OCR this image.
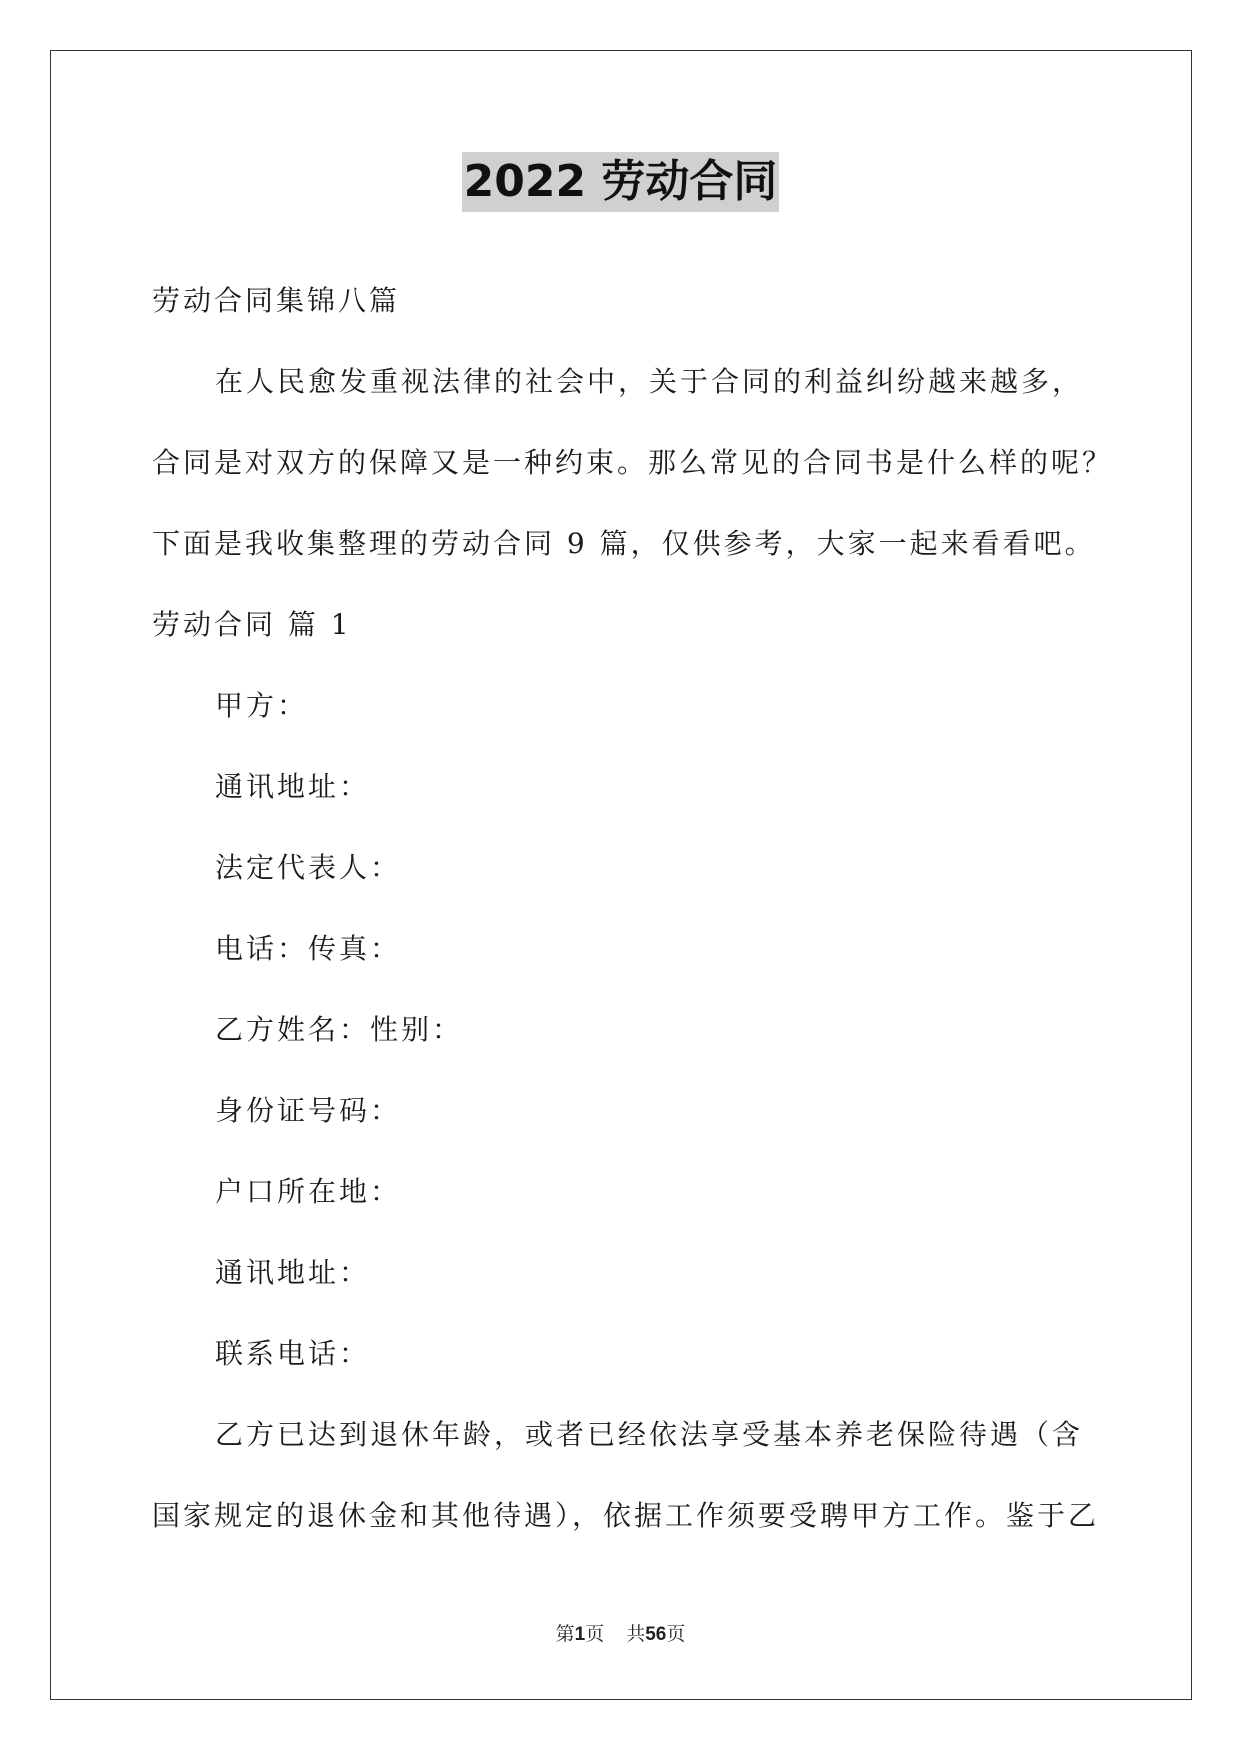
2022 劳动合同

劳动合同集锦八篇

在人民愈发重视法律的社会中，关于合同的利益纠纷越来越多，

合同是对双方的保障又是一种约束。那么常见的合同书是什么样的呢？

下面是我收集整理的劳动合同 9 篇，仅供参考，大家一起来看看吧。

劳动合同 篇 1

甲方：

通讯地址：

法定代表人：

电话：传真：

乙方姓名：性别：

身份证号码：

户口所在地：

通讯地址：

联系电话：

乙方已达到退休年龄，或者已经依法享受基本养老保险待遇（含

国家规定的退休金和其他待遇），依据工作须要受聘甲方工作。鉴于乙

第1页 共56页
